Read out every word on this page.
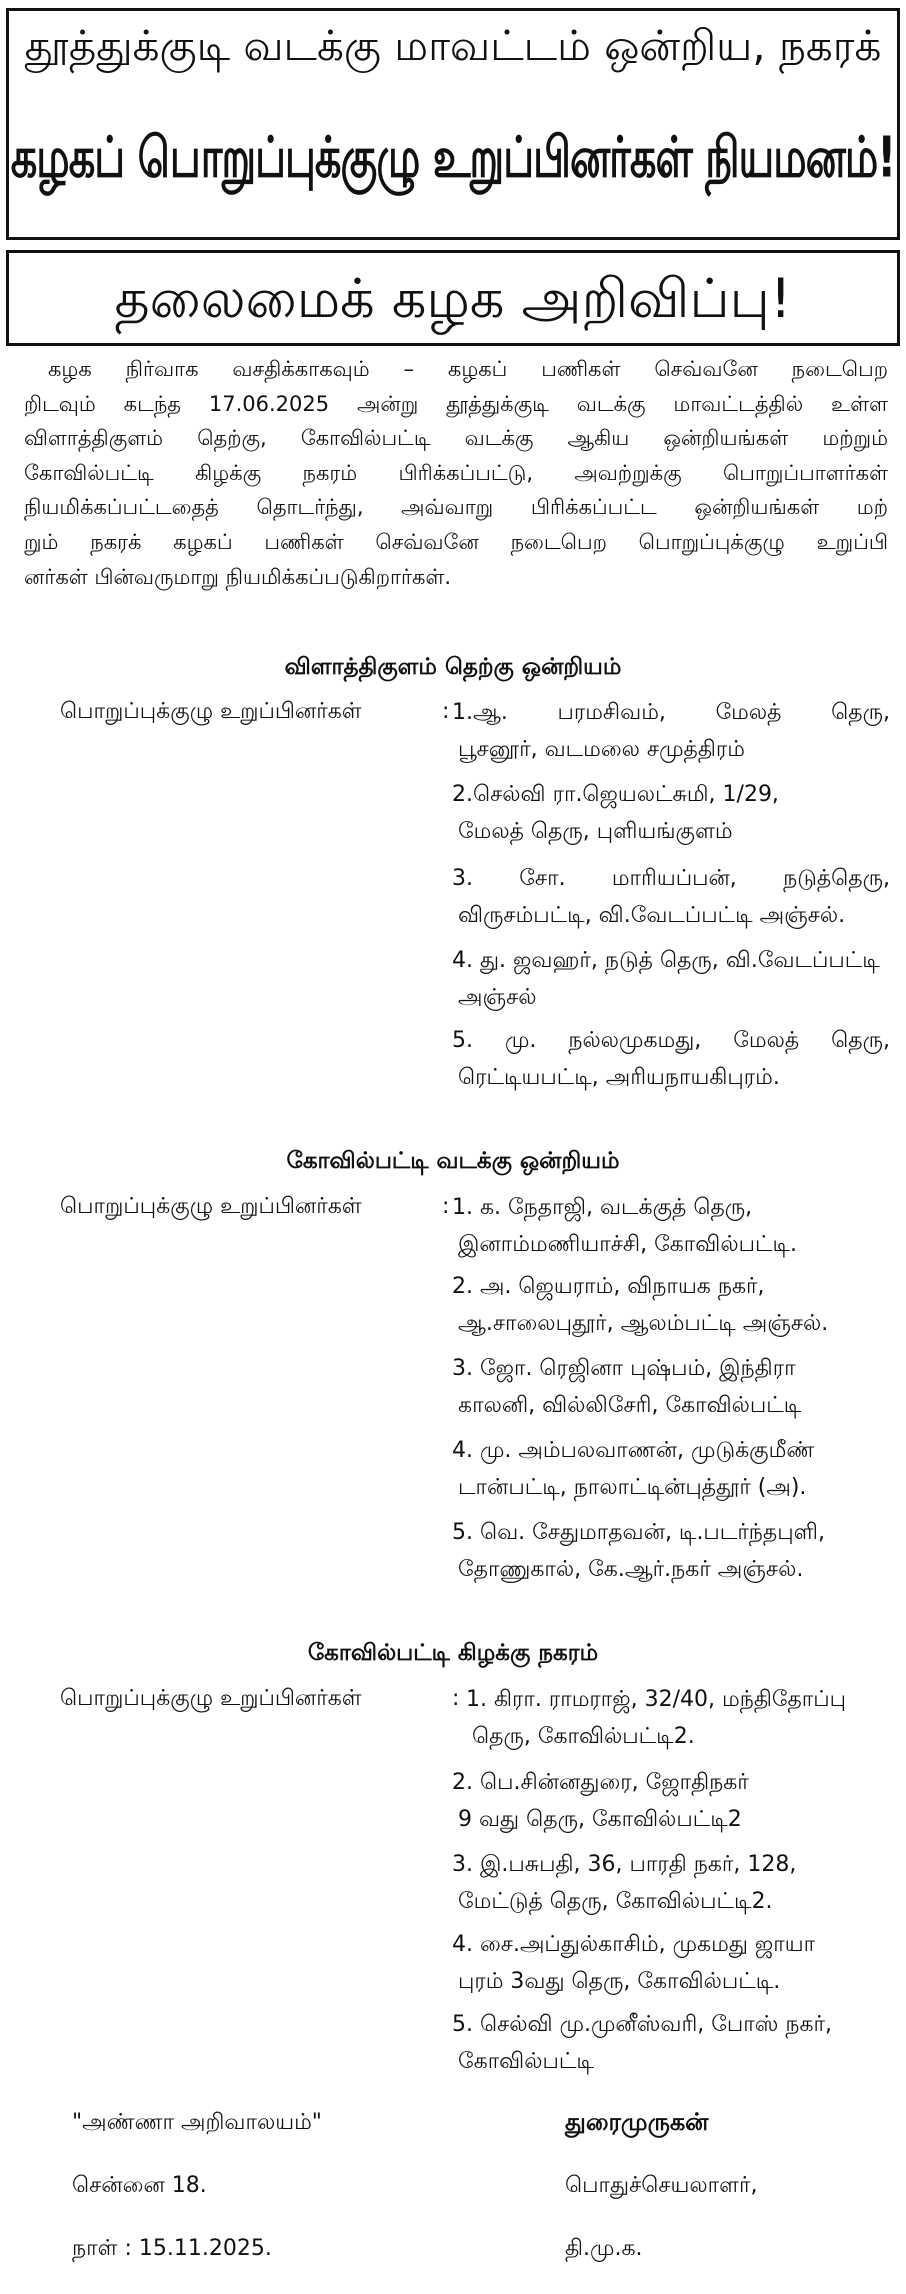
தூத்துக்குடி வடக்கு மாவட்டம் ஒன்றிய, நகரக்
கழகப் பொறுப்புக்குழு உறுப்பினர்கள் நியமனம்!
தலைமைக் கழக அறிவிப்பு!
கழக நிர்வாக வசதிக்காகவும் – கழகப் பணிகள் செவ்வனே நடைபெற
றிடவும் கடந்த 17.06.2025 அன்று தூத்துக்குடி வடக்கு மாவட்டத்தில் உள்ள
விளாத்திகுளம் தெற்கு, கோவில்பட்டி வடக்கு ஆகிய ஒன்றியங்கள் மற்றும்
கோவில்பட்டி கிழக்கு நகரம் பிரிக்கப்பட்டு, அவற்றுக்கு பொறுப்பாளர்கள்
நியமிக்கப்பட்டதைத் தொடர்ந்து, அவ்வாறு பிரிக்கப்பட்ட ஒன்றியங்கள் மற்
றும் நகரக் கழகப் பணிகள் செவ்வனே நடைபெற பொறுப்புக்குழு உறுப்பி
னர்கள் பின்வருமாறு நியமிக்கப்படுகிறார்கள்.
விளாத்திகுளம் தெற்கு ஒன்றியம்
பொறுப்புக்குழு உறுப்பினர்கள்	: 1.ஆ. பரமசிவம், மேலத் தெரு,
பூசனூர், வடமலை சமுத்திரம்
2.செல்வி ரா.ஜெயலட்சுமி, 1/29,
மேலத் தெரு, புளியங்குளம்
3. சோ. மாரியப்பன், நடுத்தெரு,
விருசம்பட்டி, வி.வேடப்பட்டி அஞ்சல்.
4. து. ஜவஹர், நடுத் தெரு, வி.வேடப்பட்டி
அஞ்சல்
5. மு. நல்லமுகமது, மேலத் தெரு,
ரெட்டியபட்டி, அரியநாயகிபுரம்.
கோவில்பட்டி வடக்கு ஒன்றியம்
பொறுப்புக்குழு உறுப்பினர்கள்	: 1. க. நேதாஜி, வடக்குத் தெரு,
இனாம்மணியாச்சி, கோவில்பட்டி.
2. அ. ஜெயராம், விநாயக நகர்,
ஆ.சாலைபுதூர், ஆலம்பட்டி அஞ்சல்.
3. ஜோ. ரெஜினா புஷ்பம், இந்திரா
காலனி, வில்லிசேரி, கோவில்பட்டி
4. மு. அம்பலவாணன், முடுக்குமீண்
டான்பட்டி, நாலாட்டின்புத்தூர் (அ).
5. வெ. சேதுமாதவன், டி.படர்ந்தபுளி,
தோணுகால், கே.ஆர்.நகர் அஞ்சல்.
கோவில்பட்டி கிழக்கு நகரம்
பொறுப்புக்குழு உறுப்பினர்கள்	: 1. கிரா. ராமராஜ், 32/40, மந்திதோப்பு
தெரு, கோவில்பட்டி2.
2. பெ.சின்னதுரை, ஜோதிநகர்
9 வது தெரு, கோவில்பட்டி2
3. இ.பசுபதி, 36, பாரதி நகர், 128,
மேட்டுத் தெரு, கோவில்பட்டி2.
4. சை.அப்துல்காசிம், முகமது ஜாயா
புரம் 3வது தெரு, கோவில்பட்டி.
5. செல்வி மு.முனீஸ்வரி, போஸ் நகர்,
கோவில்பட்டி
"அண்ணா அறிவாலயம்"
சென்னை 18.
நாள் : 15.11.2025.
துரைமுருகன்
பொதுச்செயலாளர்,
தி.மு.க.
